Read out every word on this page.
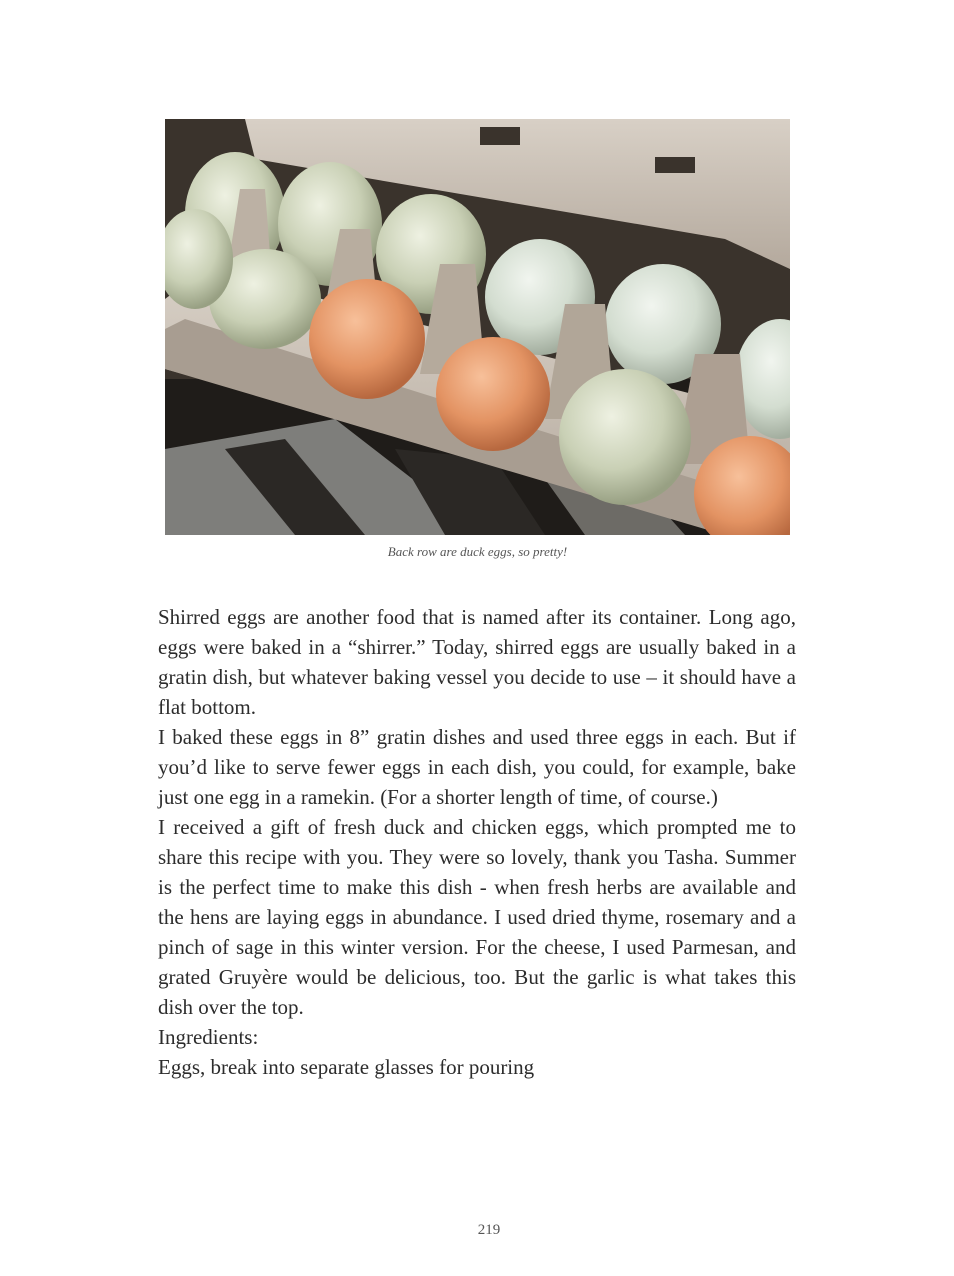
Back row are duck eggs, so pretty!

Shirred eggs are another food that is named after its container. Long ago, eggs were baked in a “shirrer.” Today, shirred eggs are usually baked in a gratin dish, but whatever baking vessel you decide to use – it should have a flat bottom.

I baked these eggs in 8” gratin dishes and used three eggs in each. But if you’d like to serve fewer eggs in each dish, you could, for example, bake just one egg in a ramekin. (For a shorter length of time, of course.)

I received a gift of fresh duck and chicken eggs, which prompted me to share this recipe with you. They were so lovely, thank you Tasha. Summer is the perfect time to make this dish - when fresh herbs are available and the hens are laying eggs in abundance. I used dried thyme, rosemary and a pinch of sage in this winter version. For the cheese, I used Parmesan, and grated Gruyère would be delicious, too. But the garlic is what takes this dish over the top.

Ingredients:

Eggs, break into separate glasses for pouring

219
